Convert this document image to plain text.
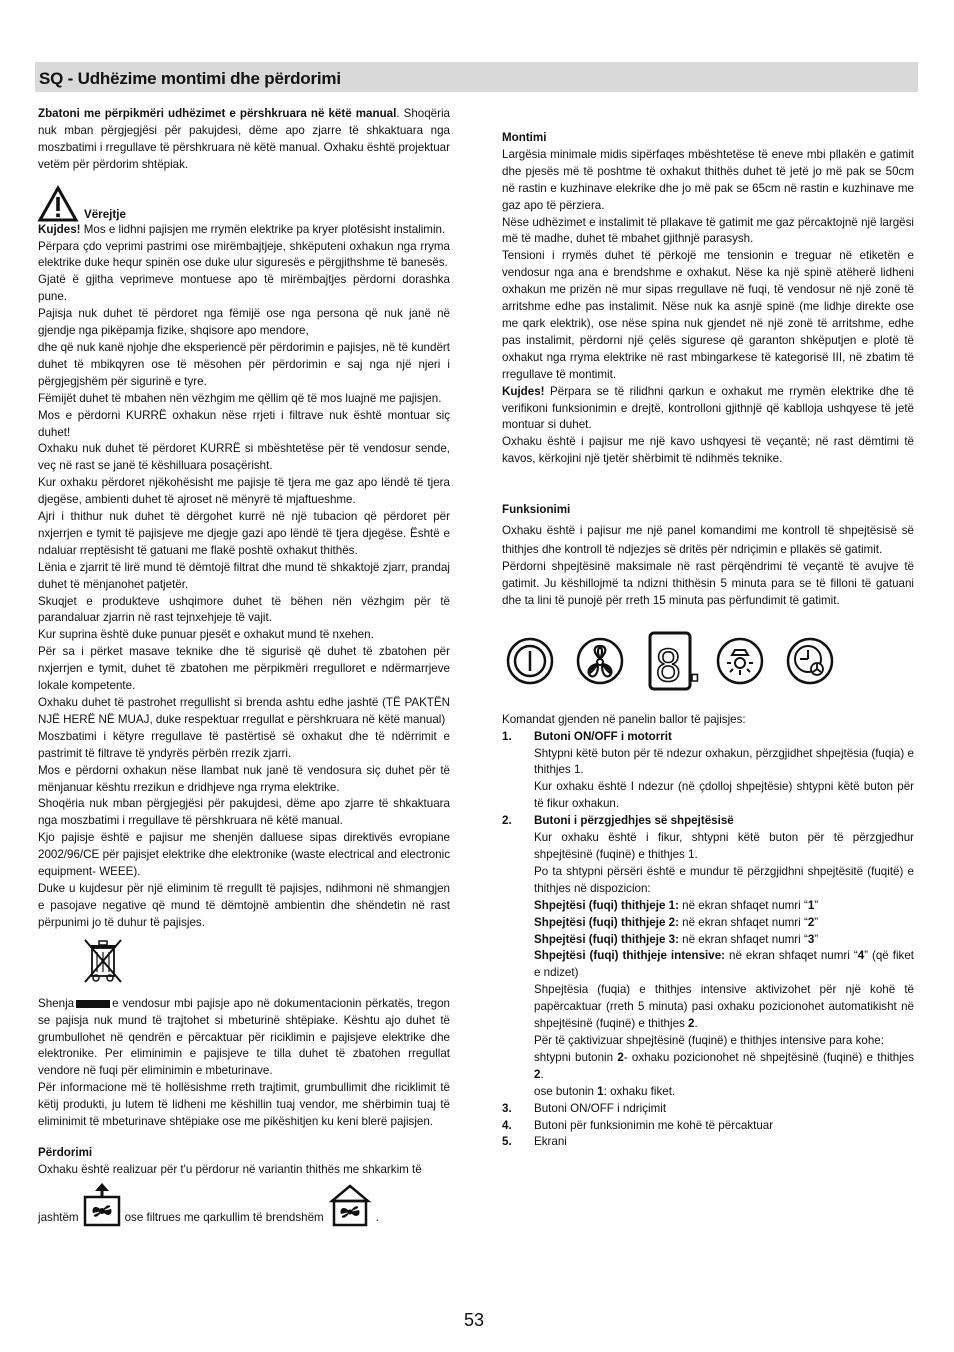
SQ - Udhëzime montimi dhe përdorimi

Zbatoni me përpikmëri udhëzimet e përshkruara në këtë manual. Shoqëria nuk mban përgjegjësi për pakujdesi, dëme apo zjarre të shkaktuara nga moszbatimi i rregullave të përshkruara në këtë manual. Oxhaku është projektuar vetëm për përdorim shtëpiak.

Vërejtje

Kujdes! Mos e lidhni pajisjen me rrymën elektrike pa kryer plotësisht instalimin.

Përpara çdo veprimi pastrimi ose mirëmbajtjeje, shkëputeni oxhakun nga rryma elektrike duke hequr spinën ose duke ulur siguresës e përgjithshme të banesës.

Gjatë ë gjitha veprimeve montuese apo të mirëmbajtjes përdorni dorashka pune.

Pajisja nuk duhet të përdoret nga fëmijë ose nga persona që nuk janë në gjendje nga pikëpamja fizike, shqisore apo mendore,

dhe që nuk kanë njohje dhe eksperiencë për përdorimin e pajisjes, në të kundërt duhet të mbikqyren ose të mësohen për përdorimin e saj nga një njeri i përgjegjshëm për sigurinë e tyre.

Fëmijët duhet të mbahen nën vëzhgim me qëllim që të mos luajnë me pajisjen.

Mos e përdorni KURRË oxhakun nëse rrjeti i filtrave nuk është montuar siç duhet!

Oxhaku nuk duhet të përdoret KURRË si mbështetëse për të vendosur sende, veç në rast se janë të këshilluara posaçërisht.

Kur oxhaku përdoret njëkohësisht me pajisje të tjera me gaz apo lëndë të tjera djegëse, ambienti duhet të ajroset në mënyrë të mjaftueshme.

Ajri i thithur nuk duhet të dërgohet kurrë në një tubacion që përdoret për nxjerrjen e tymit të pajisjeve me djegje gazi apo lëndë të tjera djegëse. Është e ndaluar rreptësisht të gatuani me flakë poshtë oxhakut thithës.

Lënia e zjarrit të lirë mund të dëmtojë filtrat dhe mund të shkaktojë zjarr, prandaj duhet të mënjanohet patjetër.

Skuqjet e produkteve ushqimore duhet të bëhen nën vëzhgim për të parandaluar zjarrin në rast tejnxehjeje të vajit.

Kur suprina është duke punuar pjesët e oxhakut mund të nxehen.

Për sa i përket masave teknike dhe të sigurisë që duhet të zbatohen për nxjerrjen e tymit, duhet të zbatohen me përpikmëri rregulloret e ndërmarrjeve lokale kompetente.

Oxhaku duhet të pastrohet rregullisht si brenda ashtu edhe jashtë (TË PAKTËN NJË HERË NË MUAJ, duke respektuar rregullat e përshkruara në këtë manual)

Moszbatimi i këtyre rregullave të pastërtisë së oxhakut dhe të ndërrimit e pastrimit të filtrave të yndyrës përbën rrezik zjarri.

Mos e përdorni oxhakun nëse llambat nuk janë të vendosura siç duhet për të mënjanuar kështu rrezikun e dridhjeve nga rryma elektrike.

Shoqëria nuk mban përgjegjësi për pakujdesi, dëme apo zjarre të shkaktuara nga moszbatimi i rregullave të përshkruara në këtë manual.

Kjo pajisje është e pajisur me shenjën dalluese sipas direktivës evropiane 2002/96/CE për pajisjet elektrike dhe elektronike (waste electrical and electronic equipment- WEEE).

Duke u kujdesur për një eliminim të rregullt të pajisjes, ndihmoni në shmangjen e pasojave negative që mund të dëmtojnë ambientin dhe shëndetin në rast përpunimi jo të duhur të pajisjes.

Shenja	e vendosur mbi pajisje apo në dokumentacionin përkatës, tregon se pajisja nuk mund të trajtohet si mbeturinë shtëpiake. Kështu ajo duhet të grumbullohet në qendrën e përcaktuar për riciklimin e pajisjeve elektrike dhe elektronike. Per eliminimin e pajisjeve te tilla duhet të zbatohen rregullat vendore në fuqi për eliminimin e mbeturinave.

Për informacione më të hollësishme rreth trajtimit, grumbullimit dhe riciklimit të këtij produkti, ju lutem të lidheni me këshillin tuaj vendor, me shërbimin tuaj të eliminimit të mbeturinave shtëpiake ose me pikëshitjen ku keni blerë pajisjen.

Përdorimi

Oxhaku është realizuar për t'u përdorur në variantin thithës me shkarkim të

jashtëm	ose filtrues me qarkullim të brendshëm	.

Montimi

Largësia minimale midis sipërfaqes mbështetëse të eneve mbi pllakën e gatimit dhe pjesës më të poshtme të oxhakut thithës duhet të jetë jo më pak se 50cm në rastin e kuzhinave elekrike dhe jo më pak se 65cm në rastin e kuzhinave me gaz apo të përziera.

Nëse udhëzimet e instalimit të pllakave të gatimit me gaz përcaktojnë një largësi më të madhe, duhet të mbahet gjithnjë parasysh.

Tensioni i rrymës duhet të përkojë me tensionin e treguar në etiketën e vendosur nga ana e brendshme e oxhakut. Nëse ka një spinë atëherë lidheni oxhakun me prizën në mur sipas rregullave në fuqi, të vendosur në një zonë të arritshme edhe pas instalimit. Nëse nuk ka asnjë spinë (me lidhje direkte ose me qark elektrik), ose nëse spina nuk gjendet në një zonë të arritshme, edhe pas instalimit, përdorni një çelës sigurese që garanton shkëputjen e plotë të oxhakut nga rryma elektrike në rast mbingarkese të kategorisë III, në zbatim të rregullave të montimit.

Kujdes! Përpara se të rilidhni qarkun e oxhakut me rrymën elektrike dhe të verifikoni funksionimin e drejtë, kontrolloni gjithnjë që kablloja ushqyese të jetë montuar si duhet.

Oxhaku është i pajisur me një kavo ushqyesi të veçantë; në rast dëmtimi të kavos, kërkojini një tjetër shërbimit të ndihmës teknike.

Funksionimi

Oxhaku është i pajisur me një panel komandimi me kontroll të shpejtësisë së thithjes dhe kontroll të ndjezjes së dritës për ndriçimin e pllakës së gatimit.

Përdorni shpejtësinë maksimale në rast përqëndrimi të veçantë të avujve të gatimit. Ju këshillojmë ta ndizni thithësin 5 minuta para se të filloni të gatuani dhe ta lini të punojë për rreth 15 minuta pas përfundimit të gatimit.

8.

Komandat gjenden në panelin ballor të pajisjes:

1. Butoni ON/OFF i motorrit

Shtypni këtë buton për të ndezur oxhakun, përzgjidhet shpejtësia (fuqia) e thithjes 1.

Kur oxhaku është I ndezur (në çdolloj shpejtësie) shtypni këtë buton për të fikur oxhakun.

2. Butoni i përzgjedhjes së shpejtësisë

Kur oxhaku është i fikur, shtypni këtë buton për të përzgjedhur shpejtësinë (fuqinë) e thithjes 1.

Po ta shtypni përsëri është e mundur të përzgjidhni shpejtësitë (fuqitë) e thithjes në dispozicion:

Shpejtësi (fuqi) thithjeje 1: në ekran shfaqet numri “1”

Shpejtësi (fuqi) thithjeje 2: në ekran shfaqet numri “2”

Shpejtësi (fuqi) thithjeje 3: në ekran shfaqet numri “3”

Shpejtësi (fuqi) thithjeje intensive: në ekran shfaqet numri “4” (që fiket e ndizet)

Shpejtësia (fuqia) e thithjes intensive aktivizohet për një kohë të papërcaktuar (rreth 5 minuta) pasi oxhaku pozicionohet automatikisht në shpejtësinë (fuqinë) e thithjes 2.

Për të çaktivizuar shpejtësinë (fuqinë) e thithjes intensive para kohe:

shtypni butonin 2- oxhaku pozicionohet në shpejtësinë (fuqinë) e thithjes 2.

ose butonin 1: oxhaku fiket.

3. Butoni ON/OFF i ndriçimit
4. Butoni për funksionimin me kohë të përcaktuar
5. Ekrani
53
